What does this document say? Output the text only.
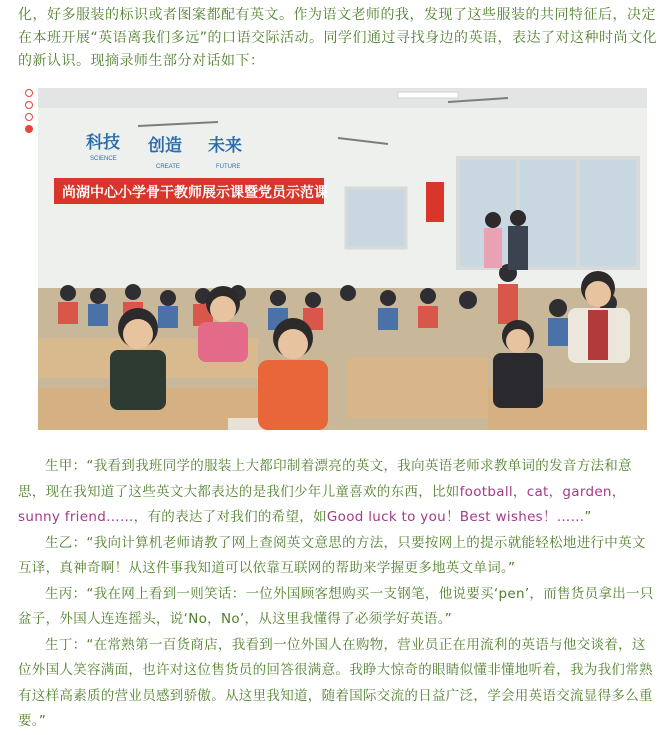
化，好多服装的标识或者图案都配有英文。作为语文老师的我，发现了这些服装的共同特征后，决定在本班开展“英语离我们多远”的口语交际活动。同学们通过寻找身边的英语，表达了对这种时尚文化的新认识。现摘录师生部分对话如下：

科技 创造 未来
SCIENCE
CREATE	FUTURE
尚湖中心小学骨干教师展示课暨党员示范课

生甲：“我看到我班同学的服装上大都印制着漂亮的英文，我向英语老师求教单词的发音方法和意思，现在我知道了这些英文大都表达的是我们少年儿童喜欢的东西，比如football，cat，garden，sunny friend……，有的表达了对我们的希望，如Good luck to you！Best wishes！……”

生乙：“我向计算机老师请教了网上查阅英文意思的方法，只要按网上的提示就能轻松地进行中英文互译，真神奇啊！从这件事我知道可以依靠互联网的帮助来学握更多地英文单词。”

生丙：“我在网上看到一则笑话：一位外国顾客想购买一支钢笔，他说要买‘pen’，而售货员拿出一只盆子，外国人连连摇头，说‘No，No’，从这里我懂得了必须学好英语。”

生丁：“在常熟第一百货商店，我看到一位外国人在购物，营业员正在用流利的英语与他交谈着，这位外国人笑容满面，也许对这位售货员的回答很满意。我睁大惊奇的眼睛似懂非懂地听着，我为我们常熟有这样高素质的营业员感到骄傲。从这里我知道，随着国际交流的日益广泛，学会用英语交流显得多么重要。”
